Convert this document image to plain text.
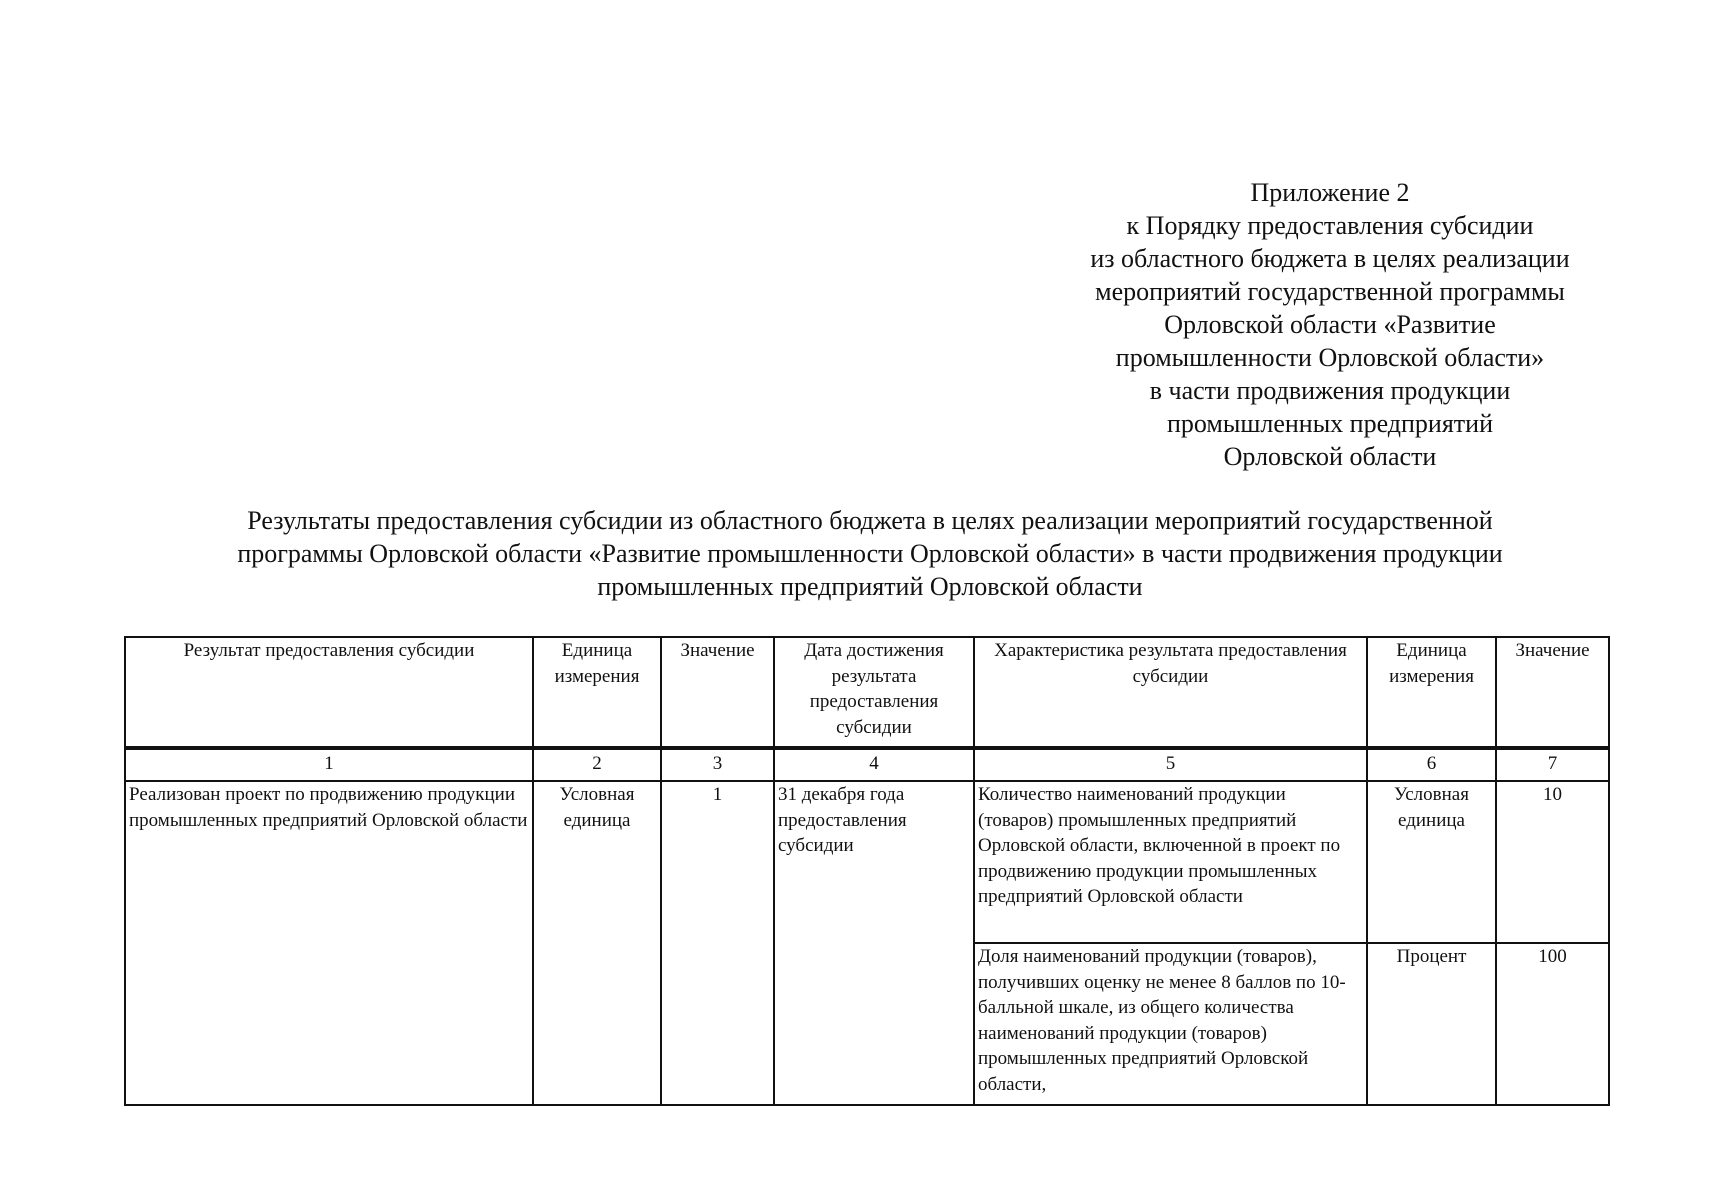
Приложение 2
к Порядку предоставления субсидии
из областного бюджета в целях реализации
мероприятий государственной программы
Орловской области «Развитие
промышленности Орловской области»
в части продвижения продукции
промышленных предприятий
Орловской области
Результаты предоставления субсидии из областного бюджета в целях реализации мероприятий государственной
программы Орловской области «Развитие промышленности Орловской области» в части продвижения продукции
промышленных предприятий Орловской области
Результат предоставления субсидии	Единица измерения	Значение	Дата достижения результата предоставления субсидии	Характеристика результата предоставления субсидии	Единица измерения	Значение
1	2	3	4	5	6	7
Реализован проект по продвижению продукции промышленных предприятий Орловской области	Условная единица	1	31 декабря года предоставления субсидии	Количество наименований продукции (товаров) промышленных предприятий Орловской области, включенной в проект по продвижению продукции промышленных предприятий Орловской области	Условная единица	10
				Доля наименований продукции (товаров), получивших оценку не менее 8 баллов по 10-балльной шкале, из общего количества наименований продукции (товаров) промышленных предприятий Орловской области,	Процент	100
